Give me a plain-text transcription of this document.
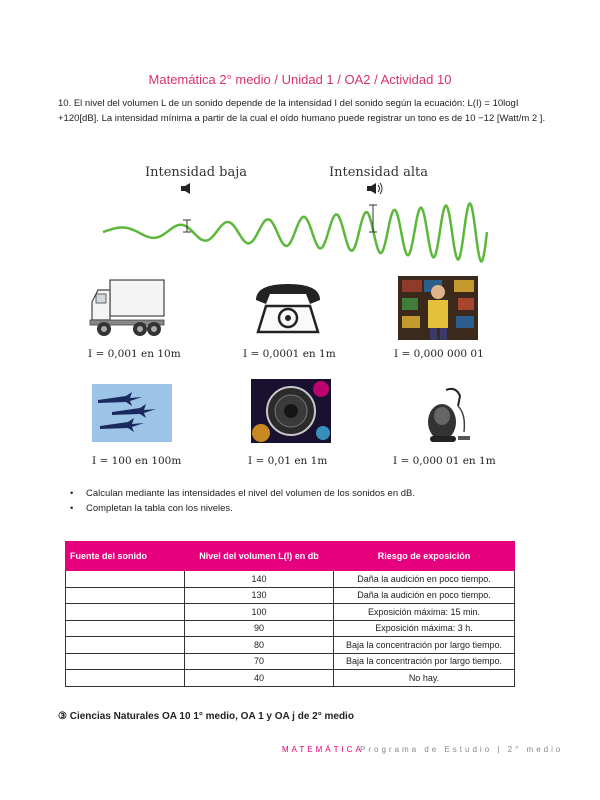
Matemática 2° medio / Unidad 1 / OA2 / Actividad 10
10. El nivel del volumen L de un sonido depende de la intensidad I del sonido según la ecuación: L(I) = 10logI +120[dB]. La intensidad mínima a partir de la cual el oído humano puede registrar un tono es de 10 −12 [Watt/m 2 ].
Intensidad baja	Intensidad alta
I = 0,001 en 10m	I = 0,0001 en 1m	I = 0,000 000 01
I = 100 en 100m	I = 0,01 en 1m	I = 0,000 01 en 1m
• Calculan mediante las intensidades el nivel del volumen de los sonidos en dB.
• Completan la tabla con los niveles.
Fuente del sonido	Nivel del volumen L(I) en db	Riesgo de exposición
	140	Daña la audición en poco tiempo.
	130	Daña la audición en poco tiempo.
	100	Exposición máxima: 15 min.
	90	Exposición máxima: 3 h.
	80	Baja la concentración por largo tiempo.
	70	Baja la concentración por largo tiempo.
	40	No hay.
③ Ciencias Naturales OA 10 1° medio, OA 1 y OA j de 2° medio
MATEMÁTICA
Programa de Estudio | 2° medio
